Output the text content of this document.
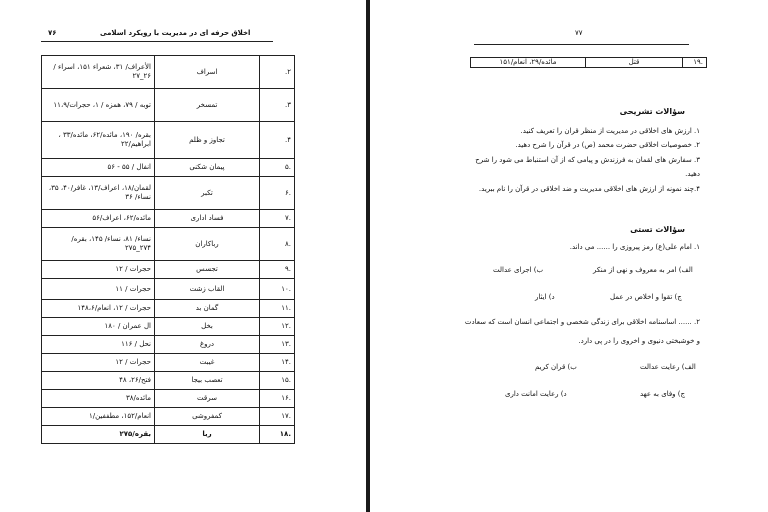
اخلاق حرفه ای در مدیریت با رویکرد اسلامی
۷۶
۲.	اسراف	الأعراف/ ۳۱، شعراء ۱۵۱، اسراء /۲۶_۲۷
۳.	تمسخر	توبه / ۷۹، همزه / ۱، حجرات/۱۱،۹
۴.	تجاوز و ظلم	بقره/ ۱۹۰، مائده/۶۲، مائده/۳۳ ، ابراهیم/۲۲
.۵	پیمان شکنی	انفال / ۵۵ - ۵۶
.۶	تکبر	لقمان/۱۸، اعراف/۱۳، غافر/۴۰، ۳۵، نساء/ ۳۶
.۷	فساد اداری	مائده/۶۲، اعراف/۵۶
.۸	رباکاران	نساء/ ۸۱، نساء/ ۱۴۵، بقره/ ۲۷۴_۲۷۵
.۹	تجسس	حجرات / ۱۲
.۱۰	القاب زشت	حجرات / ۱۱
.۱۱	گمان بد	حجرات / ۱۲، انعام/۱۴۸،۶
.۱۲	بخل	ال عمران / ۱۸۰
.۱۳	دروغ	نحل / ۱۱۶
.۱۴	غیبت	حجرات / ۱۲
.۱۵	تعصب بیجا	فتح/۲۶، ۴۸
.۱۶	سرقت	مائده/۳۸
.۱۷	کمفروشی	انعام/۱۵۲، مطففین/۱
.۱۸	ربا	بقره/۲۷۵
۷۷
.۱۹	قتل	مائده/۲۹، انعام/۱۵۱
سؤالات تشریحی
۱. ارزش های اخلاقی در مدیریت از منظر قران را تعریف کنید.
۲. خصوصیات اخلاقی حضرت محمد (ص) در قرآن را شرح دهید.
۳. سفارش های لقمان به فرزندش و پیامی که از آن استنباط می شود را شرح
دهید.
۴.چند نمونه از ارزش های اخلاقی مدیریت و ضد اخلاقی در قرآن را نام ببرید.
سؤالات تستی
۱. امام علی(ع) رمز پیروزی را ...... می داند.
الف) امر به معروف و نهی از منکر
ب) اجرای عدالت
ج) تقوا و اخلاص در عمل
د) ایثار
۲. ...... اساسنامه اخلاقی برای زندگی شخصی و اجتماعی انسان است که سعادت
و خوشبختی دنیوی و اخروی را در پی دارد.
الف) رعایت عدالت
ب) قران کریم
ج) وفای به عهد
د) رعایت امانت داری
